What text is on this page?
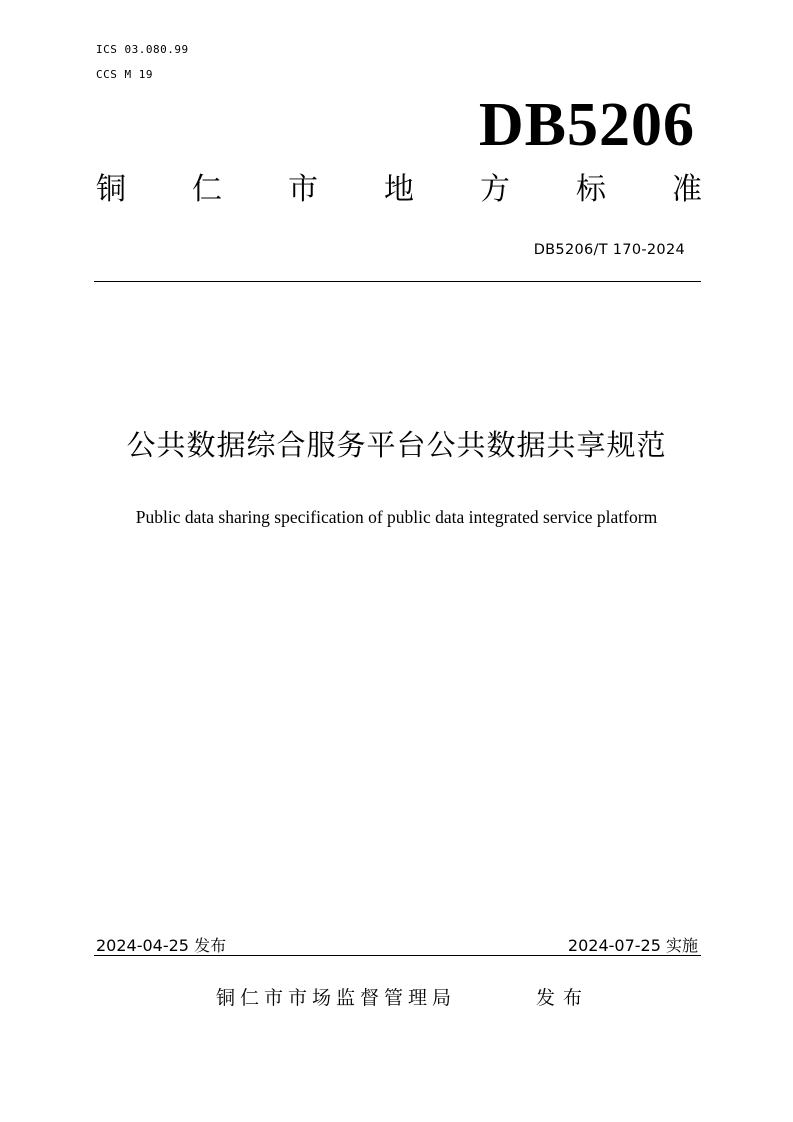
ICS 03.080.99
CCS M 19
DB5206
铜 仁 市 地 方 标 准
DB5206/T 170-2024
公共数据综合服务平台公共数据共享规范
Public data sharing specification of public data integrated service platform
2024-04-25 发布	2024-07-25 实施
铜仁市市场监督管理局	发布
